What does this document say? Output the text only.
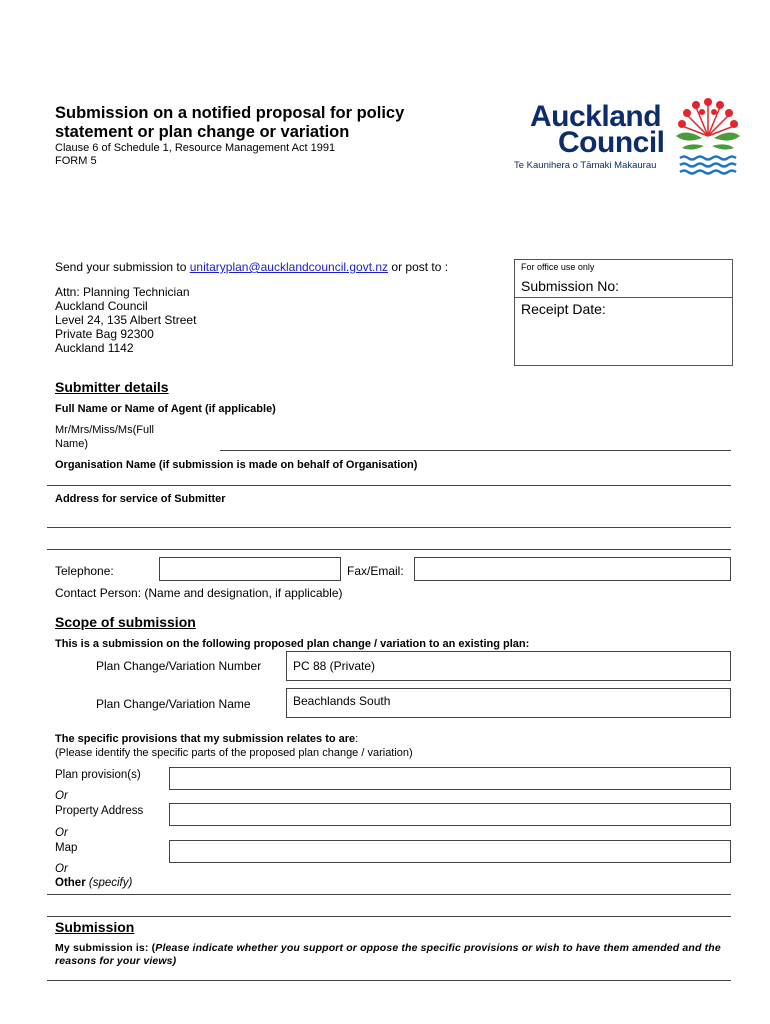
Submission on a notified proposal for policy
statement or plan change or variation
Clause 6 of Schedule 1, Resource Management Act 1991
FORM 5
Auckland
Council
Te Kaunihera o Tāmaki Makaurau
Send your submission to unitaryplan@aucklandcouncil.govt.nz or post to :
Attn: Planning Technician
Auckland Council
Level 24, 135 Albert Street
Private Bag 92300
Auckland 1142
For office use only
Submission No:
Receipt Date:
Submitter details
Full Name or Name of Agent (if applicable)
Mr/Mrs/Miss/Ms(Full
Name)
Organisation Name (if submission is made on behalf of Organisation)
Address for service of Submitter
Telephone:	Fax/Email:
Contact Person: (Name and designation, if applicable)
Scope of submission
This is a submission on the following proposed plan change / variation to an existing plan:
Plan Change/Variation Number	PC 88 (Private)
Plan Change/Variation Name	Beachlands South
The specific provisions that my submission relates to are:
(Please identify the specific parts of the proposed plan change / variation)
Plan provision(s)
Or
Property Address
Or
Map
Or
Other (specify)
Submission
My submission is: (Please indicate whether you support or oppose the specific provisions or wish to have them amended and the reasons for your views)
